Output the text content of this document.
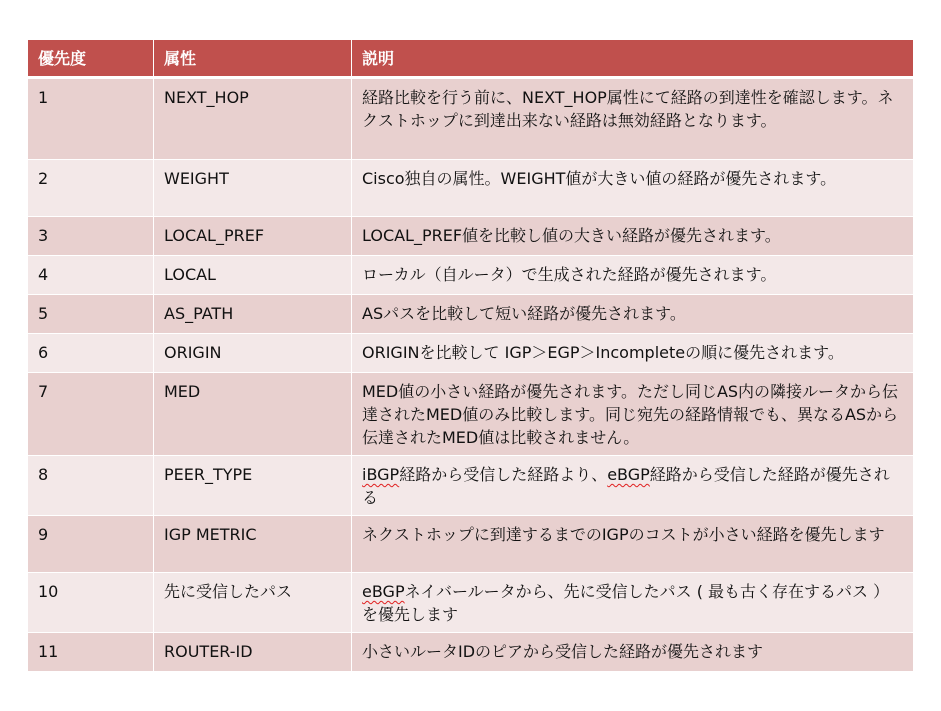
優先度	属性	説明
1	NEXT_HOP	経路比較を行う前に、NEXT_HOP属性にて経路の到達性を確認します。ネクストホップに到達出来ない経路は無効経路となります。
2	WEIGHT	Cisco独自の属性。WEIGHT値が大きい値の経路が優先されます。
3	LOCAL_PREF	LOCAL_PREF値を比較し値の大きい経路が優先されます。
4	LOCAL	ローカル（自ルータ）で生成された経路が優先されます。
5	AS_PATH	ASパスを比較して短い経路が優先されます。
6	ORIGIN	ORIGINを比較して IGP＞EGP＞Incompleteの順に優先されます。
7	MED	MED値の小さい経路が優先されます。ただし同じAS内の隣接ルータから伝達されたMED値のみ比較します。同じ宛先の経路情報でも、異なるASから伝達されたMED値は比較されません。
8	PEER_TYPE	iBGP経路から受信した経路より、eBGP経路から受信した経路が優先される
9	IGP METRIC	ネクストホップに到達するまでのIGPのコストが小さい経路を優先します
10	先に受信したパス	eBGPネイバールータから、先に受信したパス ( 最も古く存在するパス ）を優先します
11	ROUTER-ID	小さいルータIDのピアから受信した経路が優先されます
